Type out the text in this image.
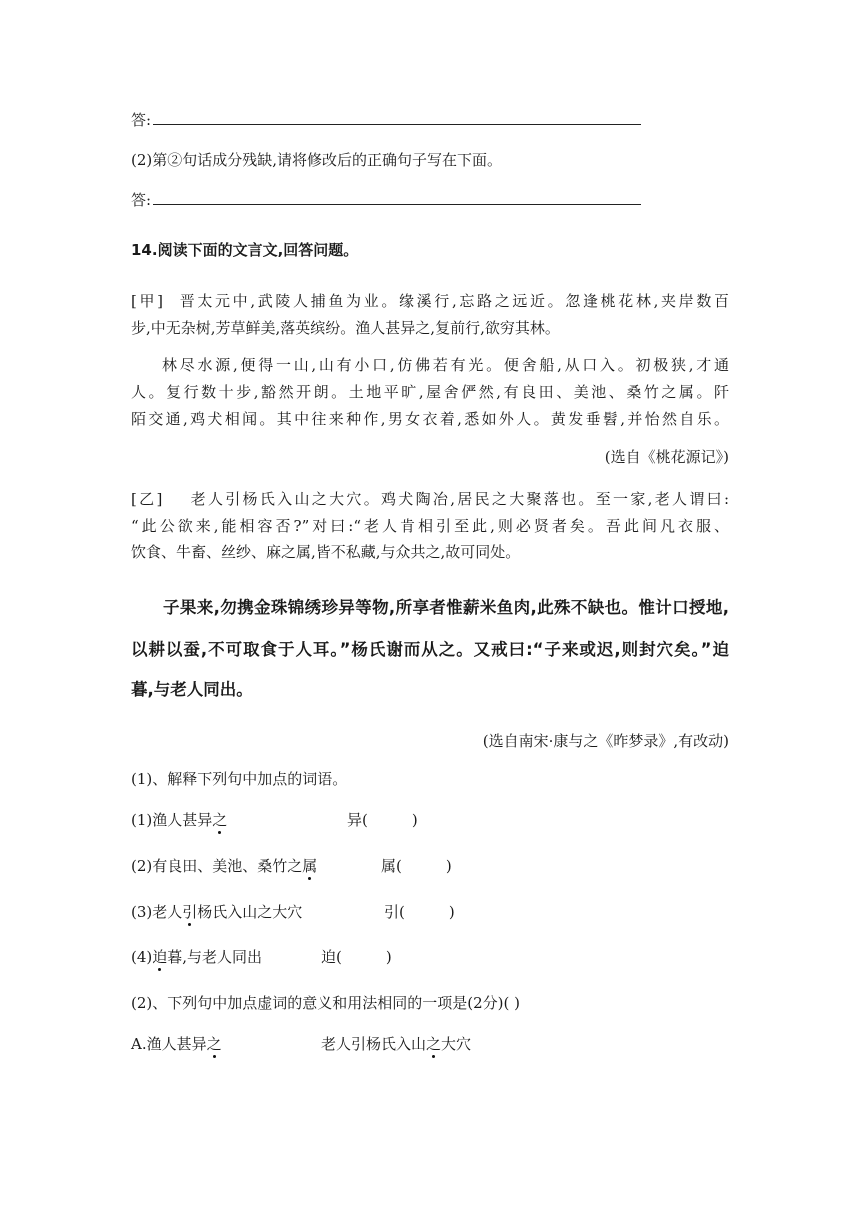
答:
(2)第②句话成分残缺,请将修改后的正确句子写在下面。
答:
14.阅读下面的文言文,回答问题。
[甲] 晋太元中,武陵人捕鱼为业。缘溪行,忘路之远近。忽逢桃花林,夹岸数百
步,中无杂树,芳草鲜美,落英缤纷。渔人甚异之,复前行,欲穷其林。
林尽水源,便得一山,山有小口,仿佛若有光。便舍船,从口入。初极狭,才通
人。复行数十步,豁然开朗。土地平旷,屋舍俨然,有良田、美池、桑竹之属。阡
陌交通,鸡犬相闻。其中往来种作,男女衣着,悉如外人。黄发垂髫,并怡然自乐。
(选自《桃花源记》)
[乙] 老人引杨氏入山之大穴。鸡犬陶冶,居民之大聚落也。至一家,老人谓曰:
“此公欲来,能相容否?”对曰:“老人肯相引至此,则必贤者矣。吾此间凡衣服、
饮食、牛畜、丝纱、麻之属,皆不私藏,与众共之,故可同处。
子果来,勿携金珠锦绣珍异等物,所享者惟薪米鱼肉,此殊不缺也。惟计口授地,
以耕以蚕,不可取食于人耳。”杨氏谢而从之。又戒曰:“子来或迟,则封穴矣。”迫
暮,与老人同出。
(选自南宋·康与之《昨梦录》,有改动)
(1)、解释下列句中加点的词语。
(1)渔人甚异之	异(	)
(2)有良田、美池、桑竹之属	属(	)
(3)老人引杨氏入山之大穴	引(	)
(4)迫暮,与老人同出	迫(	)
(2)、下列句中加点虚词的意义和用法相同的一项是(2分)( )
A.渔人甚异之	老人引杨氏入山之大穴
